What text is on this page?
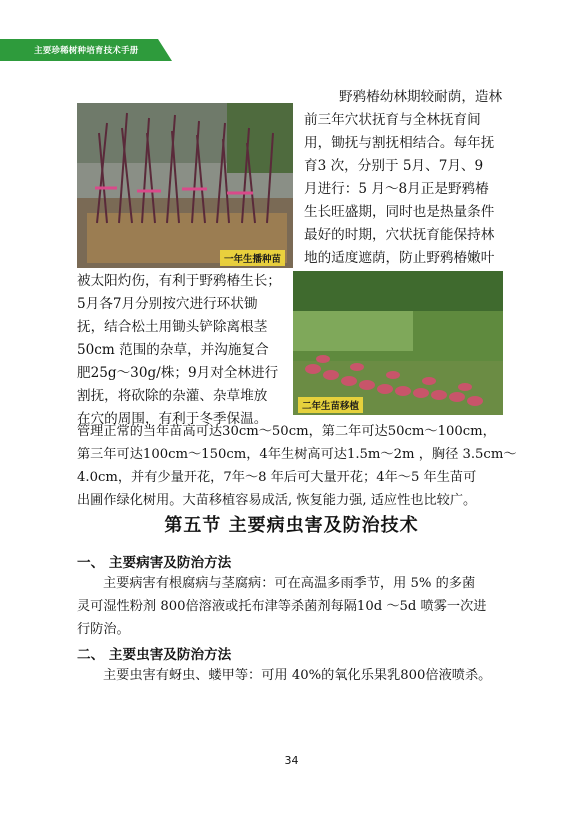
主要珍稀树种培育技术手册
一年生播种苗
二年生苗移植
野鸦椿幼林期较耐荫，造林
前三年穴状抚育与全林抚育间
用，锄抚与割抚相结合。每年抚
育3 次，分别于 5月、7月、9
月进行：5 月～8月正是野鸦椿
生长旺盛期，同时也是热量条件
最好的时期，穴状抚育能保持林
地的适度遮荫，防止野鸦椿嫩叶
被太阳灼伤，有利于野鸦椿生长；
5月各7月分别按穴进行环状锄
抚，结合松土用锄头铲除离根茎
50cm 范围的杂草，并沟施复合
肥25g～30g/株；9月对全林进行
割抚，将砍除的杂灌、杂草堆放
在穴的周围，有利于冬季保温。
管理正常的当年苗高可达30cm～50cm，第二年可达50cm～100cm，
第三年可达100cm～150cm，4年生树高可达1.5m～2m ，胸径 3.5cm～
4.0cm，并有少量开花，7年～8 年后可大量开花；4年～5 年生苗可
出圃作绿化树用。大苗移植容易成活, 恢复能力强, 适应性也比较广。
第五节 主要病虫害及防治技术
一、 主要病害及防治方法
主要病害有根腐病与茎腐病：可在高温多雨季节，用 5% 的多菌
灵可湿性粉剂 800倍溶液或托布津等杀菌剂每隔10d ～5d 喷雾一次进
行防治。
二、 主要虫害及防治方法
主要虫害有蚜虫、蝼甲等：可用 40%的氧化乐果乳800倍液喷杀。
34
